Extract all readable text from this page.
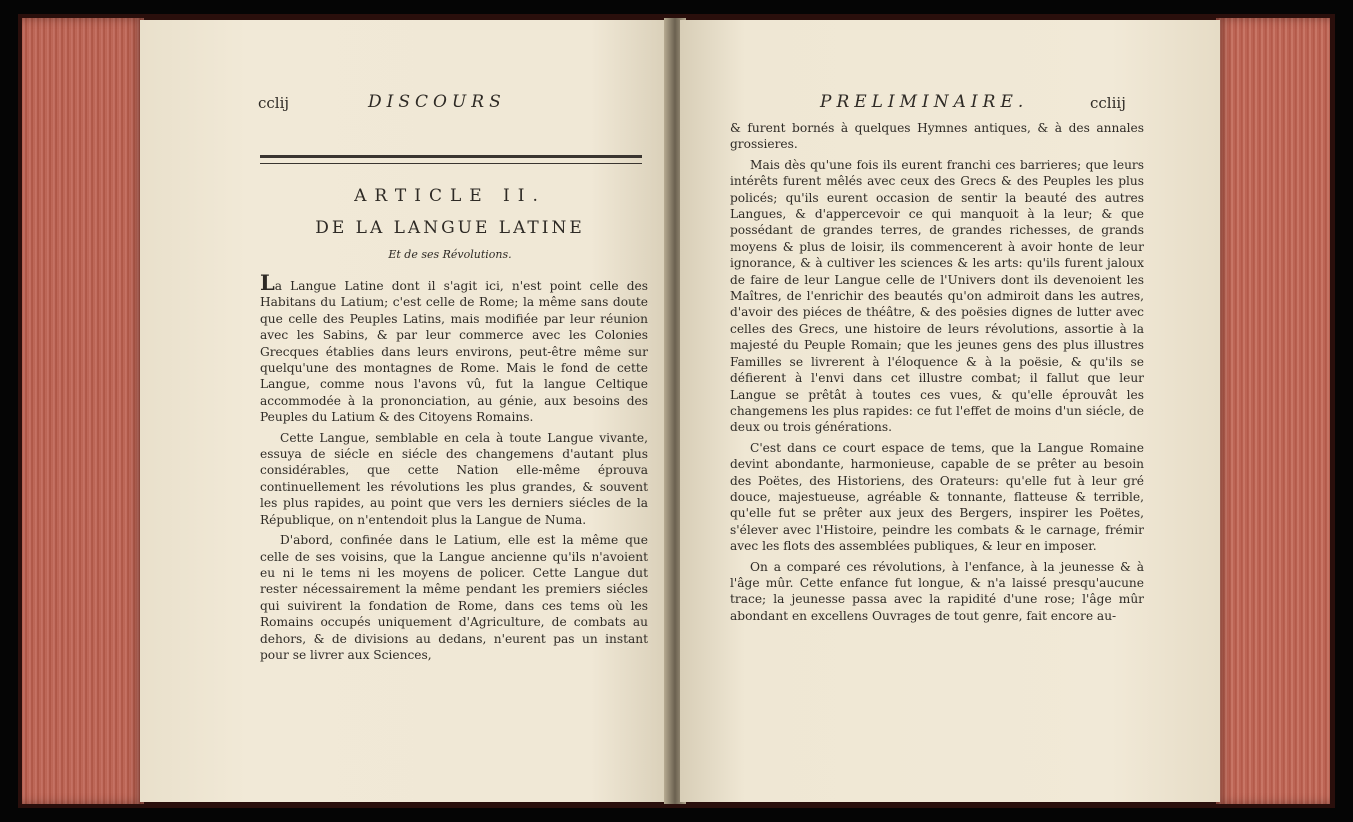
cclij	DISCOURS
ARTICLE II.
DE LA LANGUE LATINE
Et de ses Révolutions.

La Langue Latine dont il s'agit ici, n'est point celle des Habitans du Latium; c'est celle de Rome; la même sans doute que celle des Peuples Latins, mais modifiée par leur réunion avec les Sabins, & par leur commerce avec les Colonies Grecques établies dans leurs environs, peut-être même sur quelqu'une des montagnes de Rome. Mais le fond de cette Langue, comme nous l'avons vû, fut la langue Celtique accommodée à la prononciation, au génie, aux besoins des Peuples du Latium & des Citoyens Romains.

Cette Langue, semblable en cela à toute Langue vivante, essuya de siécle en siécle des changemens d'autant plus considérables, que cette Nation elle-même éprouva continuellement les révolutions les plus grandes, & souvent les plus rapides, au point que vers les derniers siécles de la République, on n'entendoit plus la Langue de Numa.

D'abord, confinée dans le Latium, elle est la même que celle de ses voisins, que la Langue ancienne qu'ils n'avoient eu ni le tems ni les moyens de policer. Cette Langue dut rester nécessairement la même pendant les premiers siécles qui suivirent la fondation de Rome, dans ces tems où les Romains occupés uniquement d'Agriculture, de combats au dehors, & de divisions au dedans, n'eurent pas un instant pour se livrer aux Sciences,

PRELIMINAIRE.	ccliij

& furent bornés à quelques Hymnes antiques, & à des annales grossieres.

Mais dès qu'une fois ils eurent franchi ces barrieres; que leurs intérêts furent mêlés avec ceux des Grecs & des Peuples les plus policés; qu'ils eurent occasion de sentir la beauté des autres Langues, & d'appercevoir ce qui manquoit à la leur; & que possédant de grandes terres, de grandes richesses, de grands moyens & plus de loisir, ils commencerent à avoir honte de leur ignorance, & à cultiver les sciences & les arts: qu'ils furent jaloux de faire de leur Langue celle de l'Univers dont ils devenoient les Maîtres, de l'enrichir des beautés qu'on admiroit dans les autres, d'avoir des piéces de théâtre, & des poësies dignes de lutter avec celles des Grecs, une histoire de leurs révolutions, assortie à la majesté du Peuple Romain; que les jeunes gens des plus illustres Familles se livrerent à l'éloquence & à la poësie, & qu'ils se défierent à l'envi dans cet illustre combat; il fallut que leur Langue se prêtât à toutes ces vues, & qu'elle éprouvât les changemens les plus rapides: ce fut l'effet de moins d'un siécle, de deux ou trois générations.

C'est dans ce court espace de tems, que la Langue Romaine devint abondante, harmonieuse, capable de se prêter au besoin des Poëtes, des Historiens, des Orateurs: qu'elle fut à leur gré douce, majestueuse, agréable & tonnante, flatteuse & terrible, qu'elle fut se prêter aux jeux des Bergers, inspirer les Poëtes, s'élever avec l'Histoire, peindre les combats & le carnage, frémir avec les flots des assemblées publiques, & leur en imposer.

On a comparé ces révolutions, à l'enfance, à la jeunesse & à l'âge mûr. Cette enfance fut longue, & n'a laissé presqu'aucune trace; la jeunesse passa avec la rapidité d'une rose; l'âge mûr abondant en excellens Ouvrages de tout genre, fait encore au-
